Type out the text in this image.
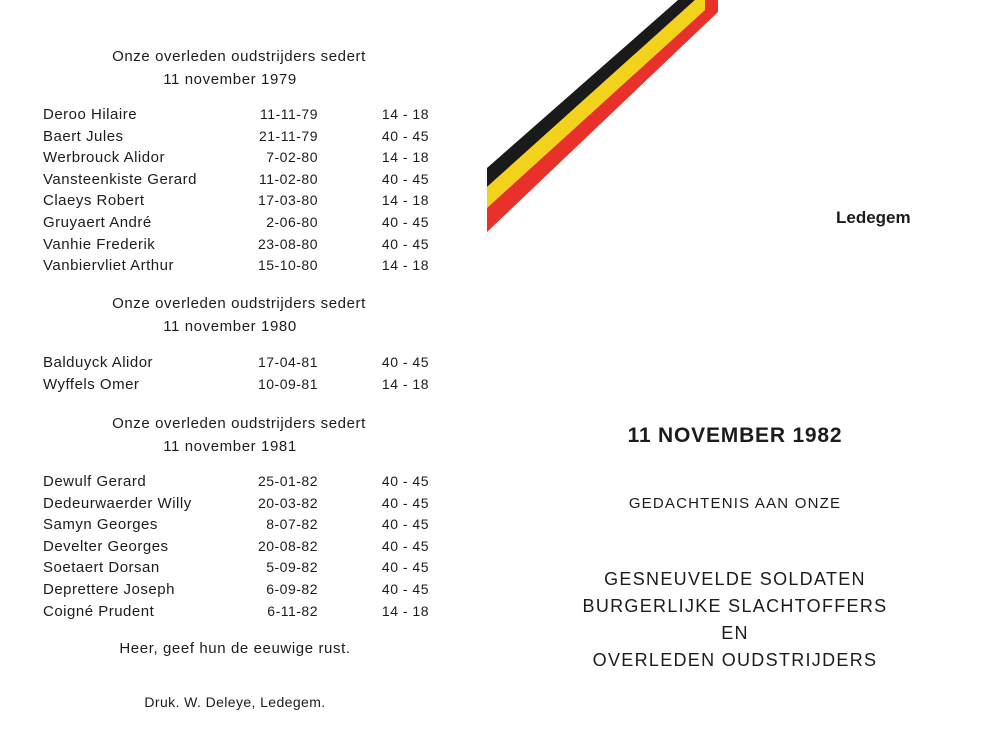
Onze overleden oudstrijders sedert
11 november 1979
Deroo Hilaire	11-11-79	14 - 18
Baert Jules	21-11-79	40 - 45
Werbrouck Alidor	7-02-80	14 - 18
Vansteenkiste Gerard	11-02-80	40 - 45
Claeys Robert	17-03-80	14 - 18
Gruyaert André	2-06-80	40 - 45
Vanhie Frederik	23-08-80	40 - 45
Vanbiervliet Arthur	15-10-80	14 - 18
Onze overleden oudstrijders sedert
11 november 1980
Balduyck Alidor	17-04-81	40 - 45
Wyffels Omer	10-09-81	14 - 18
Onze overleden oudstrijders sedert
11 november 1981
Dewulf Gerard	25-01-82	40 - 45
Dedeurwaerder Willy	20-03-82	40 - 45
Samyn Georges	8-07-82	40 - 45
Develter Georges	20-08-82	40 - 45
Soetaert Dorsan	5-09-82	40 - 45
Deprettere Joseph	6-09-82	40 - 45
Coigné Prudent	6-11-82	14 - 18
Heer, geef hun de eeuwige rust.
Druk. W. Deleye, Ledegem.
Ledegem
11 NOVEMBER 1982
GEDACHTENIS AAN ONZE
GESNEUVELDE SOLDATEN
BURGERLIJKE SLACHTOFFERS
EN
OVERLEDEN OUDSTRIJDERS
